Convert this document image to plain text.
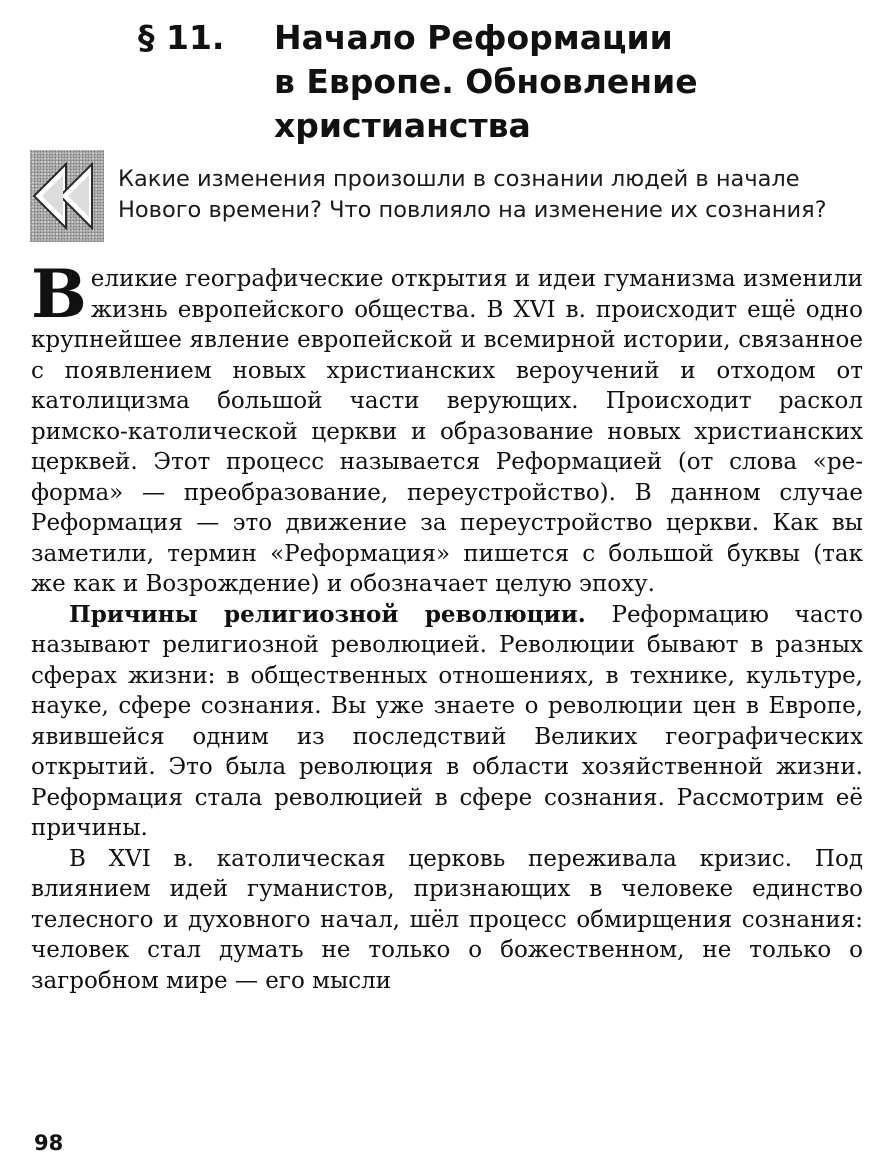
§ 11. Начало Реформации
в Европе. Обновление
христианства
Какие изменения произошли в сознании людей в начале
Нового времени? Что повлияло на изменение их сознания?

Великие географические открытия и идеи гуманизма изменили жизнь европейского общества. В XVI в. происходит ещё одно крупнейшее явление европейской и всемирной истории, связанное с появлением новых христианских вероучений и отходом от католицизма большой части верующих. Происходит раскол римско-католической церкви и образование новых христианских церквей. Этот процесс называется Реформацией (от слова «реформа» — преобразование, переустройство). В данном случае Реформация — это движение за переустройство церкви. Как вы заметили, термин «Реформация» пишется с большой буквы (так же как и Возрождение) и обозначает целую эпоху.

Причины религиозной революции. Реформацию часто называют религиозной революцией. Революции бывают в разных сферах жизни: в общественных отношениях, в технике, культуре, науке, сфере сознания. Вы уже знаете о революции цен в Европе, явившейся одним из последствий Великих географических открытий. Это была революция в области хозяйственной жизни. Реформация стала революцией в сфере сознания. Рассмотрим её причины.

В XVI в. католическая церковь переживала кризис. Под влиянием идей гуманистов, признающих в человеке единство телесного и духовного начал, шёл процесс обмирщения сознания: человек стал думать не только о божественном, не только о загробном мире — его мысли

98
